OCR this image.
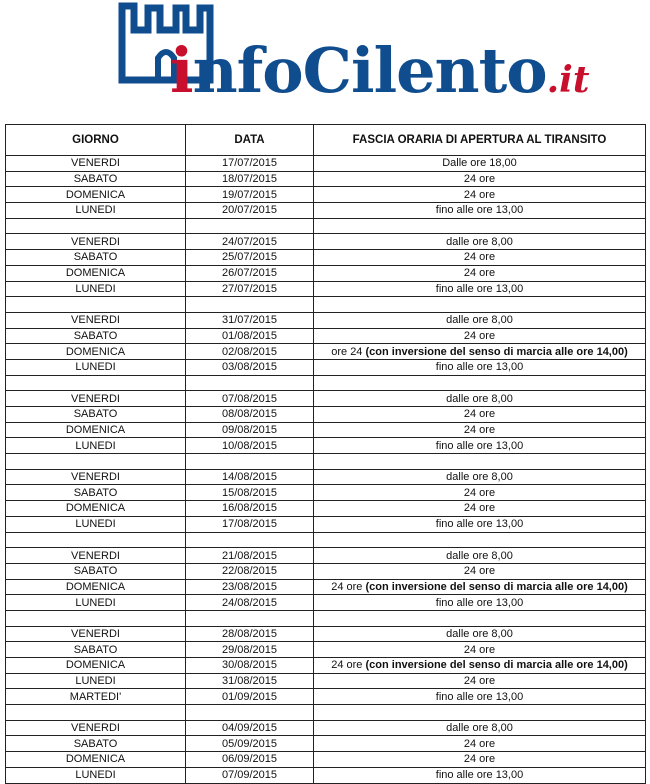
infoCilento.it
GIORNO	DATA	FASCIA ORARIA DI APERTURA AL TIRANSITO
VENERDI	17/07/2015	Dalle ore 18,00
SABATO	18/07/2015	24 ore
DOMENICA	19/07/2015	24 ore
LUNEDI	20/07/2015	fino alle ore 13,00

VENERDI	24/07/2015	dalle ore 8,00
SABATO	25/07/2015	24 ore
DOMENICA	26/07/2015	24 ore
LUNEDI	27/07/2015	fino alle ore 13,00

VENERDI	31/07/2015	dalle ore 8,00
SABATO	01/08/2015	24 ore
DOMENICA	02/08/2015	ore 24 (con inversione del senso di marcia alle ore 14,00)
LUNEDI	03/08/2015	fino alle ore 13,00

VENERDI	07/08/2015	dalle ore 8,00
SABATO	08/08/2015	24 ore
DOMENICA	09/08/2015	24 ore
LUNEDI	10/08/2015	fino alle ore 13,00

VENERDI	14/08/2015	dalle ore 8,00
SABATO	15/08/2015	24 ore
DOMENICA	16/08/2015	24 ore
LUNEDI	17/08/2015	fino alle ore 13,00

VENERDI	21/08/2015	dalle ore 8,00
SABATO	22/08/2015	24 ore
DOMENICA	23/08/2015	24 ore (con inversione del senso di marcia alle ore 14,00)
LUNEDI	24/08/2015	fino alle ore 13,00

VENERDI	28/08/2015	dalle ore 8,00
SABATO	29/08/2015	24 ore
DOMENICA	30/08/2015	24 ore (con inversione del senso di marcia alle ore 14,00)
LUNEDI	31/08/2015	24 ore
MARTEDI'	01/09/2015	fino alle ore 13,00

VENERDI	04/09/2015	dalle ore 8,00
SABATO	05/09/2015	24 ore
DOMENICA	06/09/2015	24 ore
LUNEDI	07/09/2015	fino alle ore 13,00
